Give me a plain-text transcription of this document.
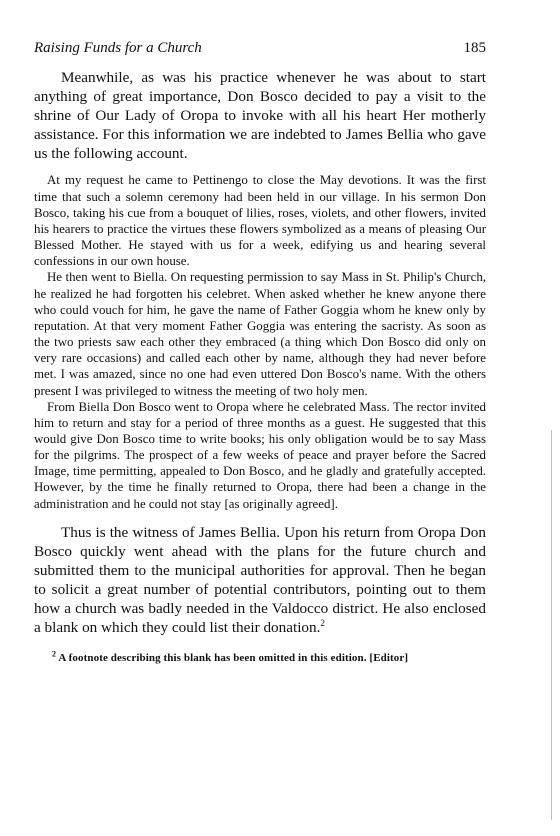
Raising Funds for a Church	185

Meanwhile, as was his practice whenever he was about to start anything of great importance, Don Bosco decided to pay a visit to the shrine of Our Lady of Oropa to invoke with all his heart Her motherly assistance. For this information we are indebted to James Bellia who gave us the following account.

At my request he came to Pettinengo to close the May devotions. It was the first time that such a solemn ceremony had been held in our village. In his sermon Don Bosco, taking his cue from a bouquet of lilies, roses, violets, and other flowers, invited his hearers to practice the virtues these flowers symbolized as a means of pleasing Our Blessed Mother. He stayed with us for a week, edifying us and hearing several confessions in our own house.

He then went to Biella. On requesting permission to say Mass in St. Philip's Church, he realized he had forgotten his celebret. When asked whether he knew anyone there who could vouch for him, he gave the name of Father Goggia whom he knew only by reputation. At that very moment Father Goggia was entering the sacristy. As soon as the two priests saw each other they embraced (a thing which Don Bosco did only on very rare occasions) and called each other by name, although they had never before met. I was amazed, since no one had even uttered Don Bosco's name. With the others present I was privileged to witness the meeting of two holy men.

From Biella Don Bosco went to Oropa where he celebrated Mass. The rector invited him to return and stay for a period of three months as a guest. He suggested that this would give Don Bosco time to write books; his only obligation would be to say Mass for the pilgrims. The prospect of a few weeks of peace and prayer before the Sacred Image, time permitting, appealed to Don Bosco, and he gladly and gratefully accepted. However, by the time he finally returned to Oropa, there had been a change in the administration and he could not stay [as originally agreed].

Thus is the witness of James Bellia. Upon his return from Oropa Don Bosco quickly went ahead with the plans for the future church and submitted them to the municipal authorities for approval. Then he began to solicit a great number of potential contributors, pointing out to them how a church was badly needed in the Valdocco district. He also enclosed a blank on which they could list their donation.$^2$

$^2$ A footnote describing this blank has been omitted in this edition. [Editor]
